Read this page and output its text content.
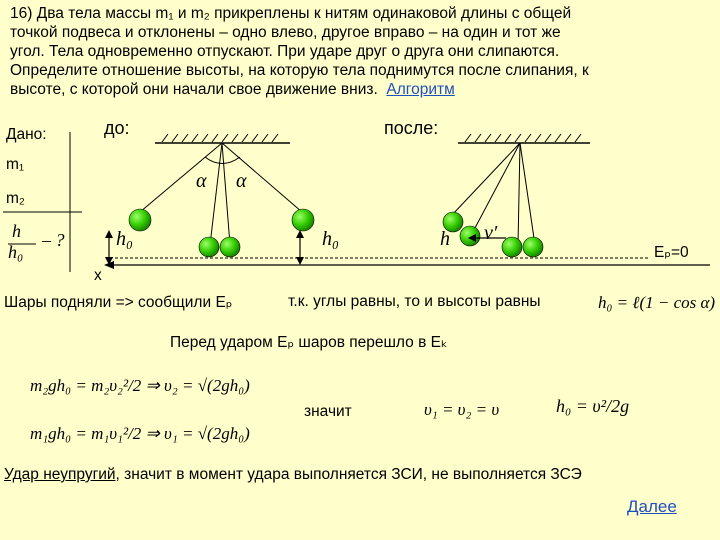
16) Два тела массы m₁ и m₂ прикреплены к нитям одинаковой длины с общей
точкой подвеса и отклонены – одно влево, другое вправо – на один и тот же
угол. Тела одновременно отпускают. При ударе друг о друга они слипаются.
Определите отношение высоты, на которую тела поднимутся после слипания, к
высоте, с которой они начали свое движение вниз. Алгоритм
Дано:
m₁
m₂
h
h₀
– ?
до:	после:
α α
h₀	h₀	h v′
Eₚ=0
x
Шары подняли => сообщили Eₚ	т.к. углы равны, то и высоты равны	h₀ = ℓ(1 − cos α)
Перед ударом Eₚ шаров перешло в Eₖ
m₂gh₀ = m₂υ₂²/2 ⇒ υ₂ = √(2gh₀)
m₁gh₀ = m₁υ₁²/2 ⇒ υ₁ = √(2gh₀)
значит	υ₁ = υ₂ = υ	h₀ = υ²/2g
Удар неупругий, значит в момент удара выполняется ЗСИ, не выполняется ЗСЭ
Далее
